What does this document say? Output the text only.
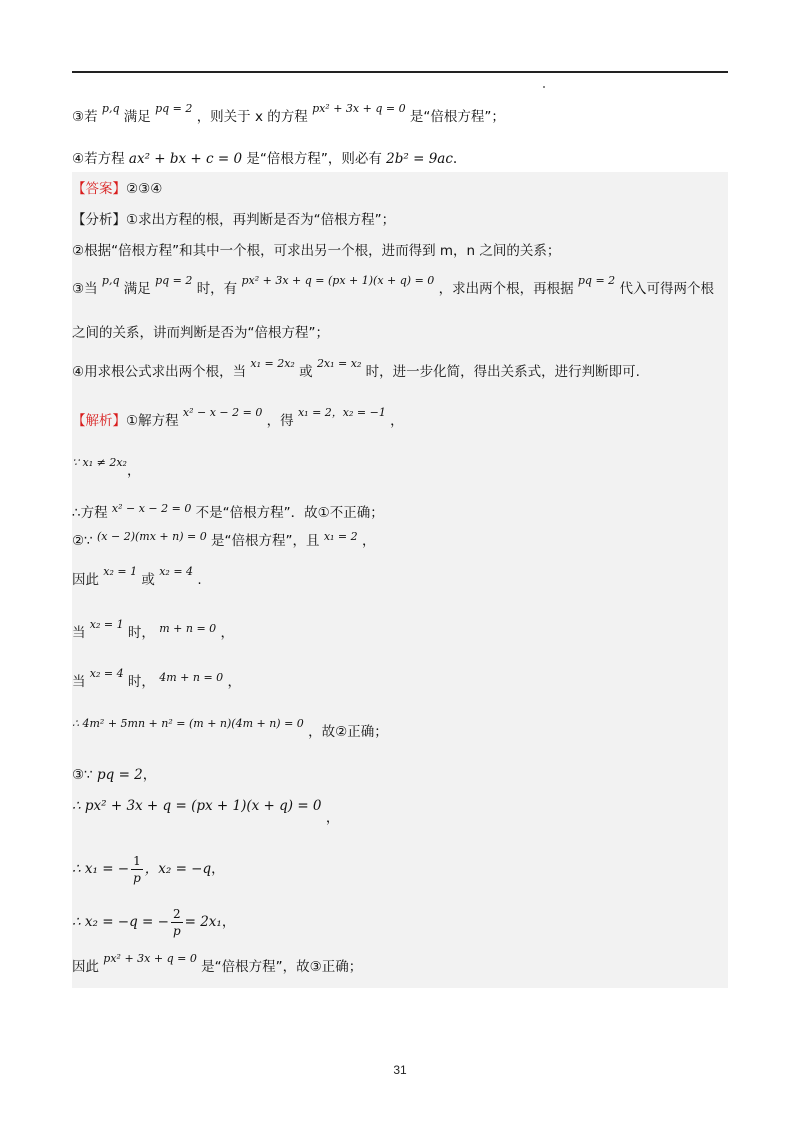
③若 $^{p,q}$ 满足 $^{pq = 2}$ ，则关于 x 的方程 $^{px^2 + 3x + q = 0}$ 是“倍根方程”；
④若方程 ax² + bx + c = 0 是“倍根方程”，则必有 2b² = 9ac.
【答案】②③④
【分析】①求出方程的根，再判断是否为“倍根方程”；
②根据“倍根方程”和其中一个根，可求出另一个根，进而得到 m，n 之间的关系；
③当 $^{p,q}$ 满足 $^{pq = 2}$ 时，有 $^{px^2 + 3x + q = (px + 1)(x + q) = 0}$ ，求出两个根，再根据 $^{pq = 2}$ 代入可得两个根
之间的关系，讲而判断是否为“倍根方程”；
④用求根公式求出两个根，当 $^{x_1 = 2x_2}$ 或 $^{2x_1 = x_2}$ 时，进一步化简，得出关系式，进行判断即可.
【解析】①解方程 $^{x^2 - x - 2 = 0}$ ，得 $^{x_1 = 2,x_2 = -1}$ ，
$^{\because x_1 \ne 2x_2}$，
∴方程 $^{x^2 - x - 2 = 0}$ 不是“倍根方程”．故①不正确；
②∵ $^{(x - 2)(mx + n) = 0}$ 是“倍根方程”，且 $^{x_1 = 2}$ ，
因此 $^{x_2 = 1}$ 或 $^{x_2 = 4}$ .
当 $^{x_2 = 1}$ 时， $^{m + n = 0}$ ，
当 $^{x_2 = 4}$ 时， $^{4m + n = 0}$ ，
$^{\therefore 4m^2 + 5mn + n^2 = (m + n)(4m + n) = 0}$ ，故②正确；
③∵ pq = 2，
∴ px² + 3x + q = (px + 1)(x + q) = 0 ，
∴ x₁ = − $\frac{1}{p}$ ，x₂ = −q，
∴ x₂ = −q = − $\frac{2}{p} = 2x_1$，
因此 $^{px^2 + 3x + q = 0}$ 是“倍根方程”，故③正确；
31
